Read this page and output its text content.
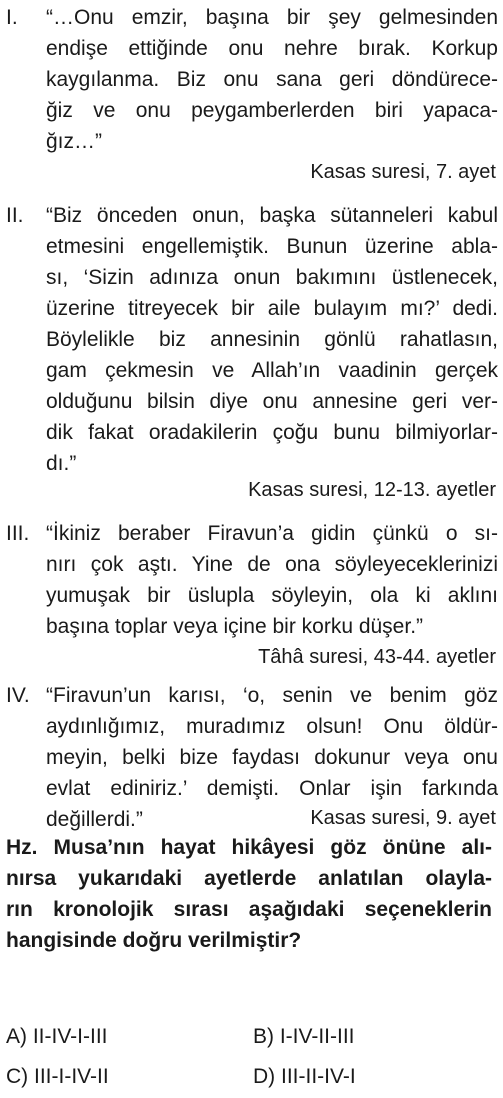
I. “…Onu emzir, başına bir şey gelmesinden
endişe ettiğinde onu nehre bırak. Korkup
kaygılanma. Biz onu sana geri döndürece-
ğiz ve onu peygamberlerden biri yapaca-
ğız…”
Kasas suresi, 7. ayet
II. “Biz önceden onun, başka sütanneleri kabul
etmesini engellemiştik. Bunun üzerine abla-
sı, ‘Sizin adınıza onun bakımını üstlenecek,
üzerine titreyecek bir aile bulayım mı?’ dedi.
Böylelikle biz annesinin gönlü rahatlasın,
gam çekmesin ve Allah’ın vaadinin gerçek
olduğunu bilsin diye onu annesine geri ver-
dik fakat oradakilerin çoğu bunu bilmiyorlar-
dı.”
Kasas suresi, 12-13. ayetler
III. “İkiniz beraber Firavun’a gidin çünkü o sı-
nırı çok aştı. Yine de ona söyleyeceklerinizi
yumuşak bir üslupla söyleyin, ola ki aklını
başına toplar veya içine bir korku düşer.”
Tâhâ suresi, 43-44. ayetler
IV. “Firavun’un karısı, ‘o, senin ve benim göz
aydınlığımız, muradımız olsun! Onu öldür-
meyin, belki bize faydası dokunur veya onu
evlat ediniriz.’ demişti. Onlar işin farkında
değillerdi.”	Kasas suresi, 9. ayet
Hz. Musa’nın hayat hikâyesi göz önüne alı-
nırsa yukarıdaki ayetlerde anlatılan olayla-
rın kronolojik sırası aşağıdaki seçeneklerin
hangisinde doğru verilmiştir?
A) II-IV-I-III	B) I-IV-II-III
C) III-I-IV-II	D) III-II-IV-I
